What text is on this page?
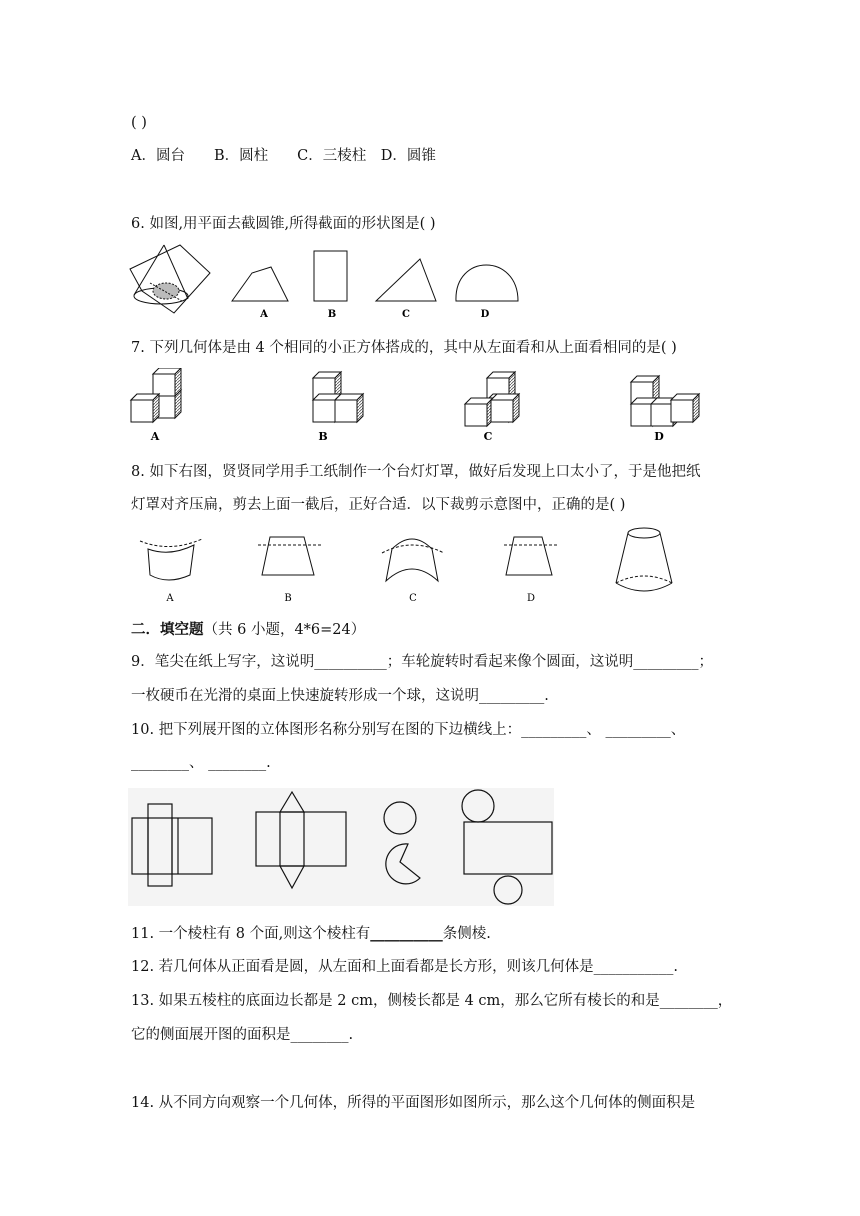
( )
A．圆台　　B．圆柱　　C．三棱柱　D．圆锥
6. 如图,用平面去截圆锥,所得截面的形状图是( )
A	B	C	D
7. 下列几何体是由 4 个相同的小正方体搭成的，其中从左面看和从上面看相同的是( )
A	B	C	D
8. 如下右图，贤贤同学用手工纸制作一个台灯灯罩，做好后发现上口太小了，于是他把纸
灯罩对齐压扁，剪去上面一截后，正好合适．以下裁剪示意图中，正确的是( )
A	B	C	D
二．填空题（共 6 小题，4*6=24）
9．笔尖在纸上写字，这说明__________；车轮旋转时看起来像个圆面，这说明_________；
一枚硬币在光滑的桌面上快速旋转形成一个球，这说明_________.
10. 把下列展开图的立体图形名称分别写在图的下边横线上：_________、 _________、
________、 ________.
11. 一个棱柱有 8 个面,则这个棱柱有__________条侧棱.
12. 若几何体从正面看是圆，从左面和上面看都是长方形，则该几何体是___________.
13. 如果五棱柱的底面边长都是 2 cm，侧棱长都是 4 cm，那么它所有棱长的和是________，
它的侧面展开图的面积是________.
14. 从不同方向观察一个几何体，所得的平面图形如图所示，那么这个几何体的侧面积是
